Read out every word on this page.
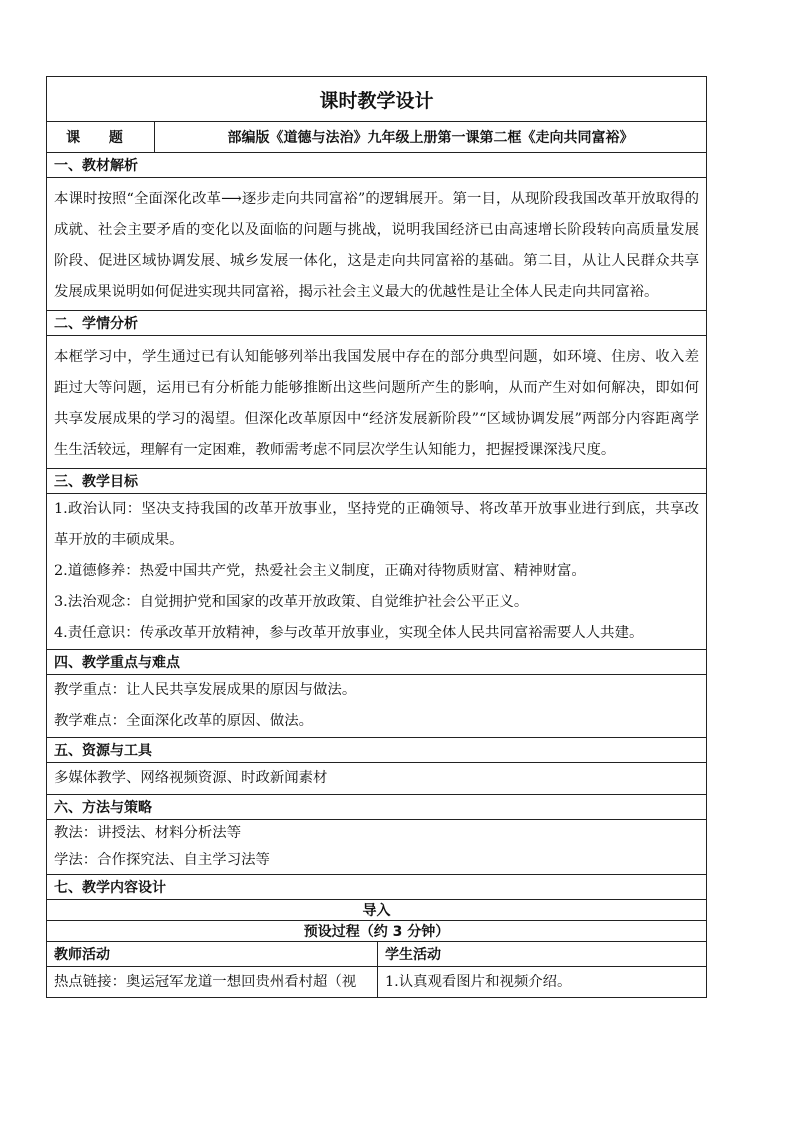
课时教学设计		
课 题	部编版《道德与法治》九年级上册第一课第二框《走向共同富裕》	
一、教材解析		

本课时按照“全面深化改革⟶逐步走向共同富裕”的逻辑展开。第一目，从现阶段我国改革开放取得的成就、社会主要矛盾的变化以及面临的问题与挑战，说明我国经济已由高速增长阶段转向高质量发展阶段、促进区域协调发展、城乡发展一体化，这是走向共同富裕的基础。第二目，从让人民群众共享发展成果说明如何促进实现共同富裕，揭示社会主义最大的优越性是让全体人民走向共同富裕。		

二、学情分析		

本框学习中，学生通过已有认知能够列举出我国发展中存在的部分典型问题，如环境、住房、收入差距过大等问题，运用已有分析能力能够推断出这些问题所产生的影响，从而产生对如何解决，即如何共享发展成果的学习的渴望。但深化改革原因中“经济发展新阶段”“区域协调发展”两部分内容距离学生生活较远，理解有一定困难，教师需考虑不同层次学生认知能力，把握授课深浅尺度。		

三、教学目标		

1.政治认同：坚决支持我国的改革开放事业，坚持党的正确领导、将改革开放事业进行到底，共享改革开放的丰硕成果。

2.道德修养：热爱中国共产党，热爱社会主义制度，正确对待物质财富、精神财富。

3.法治观念：自觉拥护党和国家的改革开放政策、自觉维护社会公平正义。

4.责任意识：传承改革开放精神，参与改革开放事业，实现全体人民共同富裕需要人人共建。		

四、教学重点与难点		

教学重点：让人民共享发展成果的原因与做法。

教学难点：全面深化改革的原因、做法。		

五、资源与工具		

多媒体教学、网络视频资源、时政新闻素材		

六、方法与策略		

教法：讲授法、材料分析法等

学法：合作探究法、自主学习法等		

七、教学内容设计		
导入		
预设过程（约 3 分钟）		
教师活动		学生活动
热点链接：奥运冠军龙道一想回贵州看村超（视		1.认真观看图片和视频介绍。
